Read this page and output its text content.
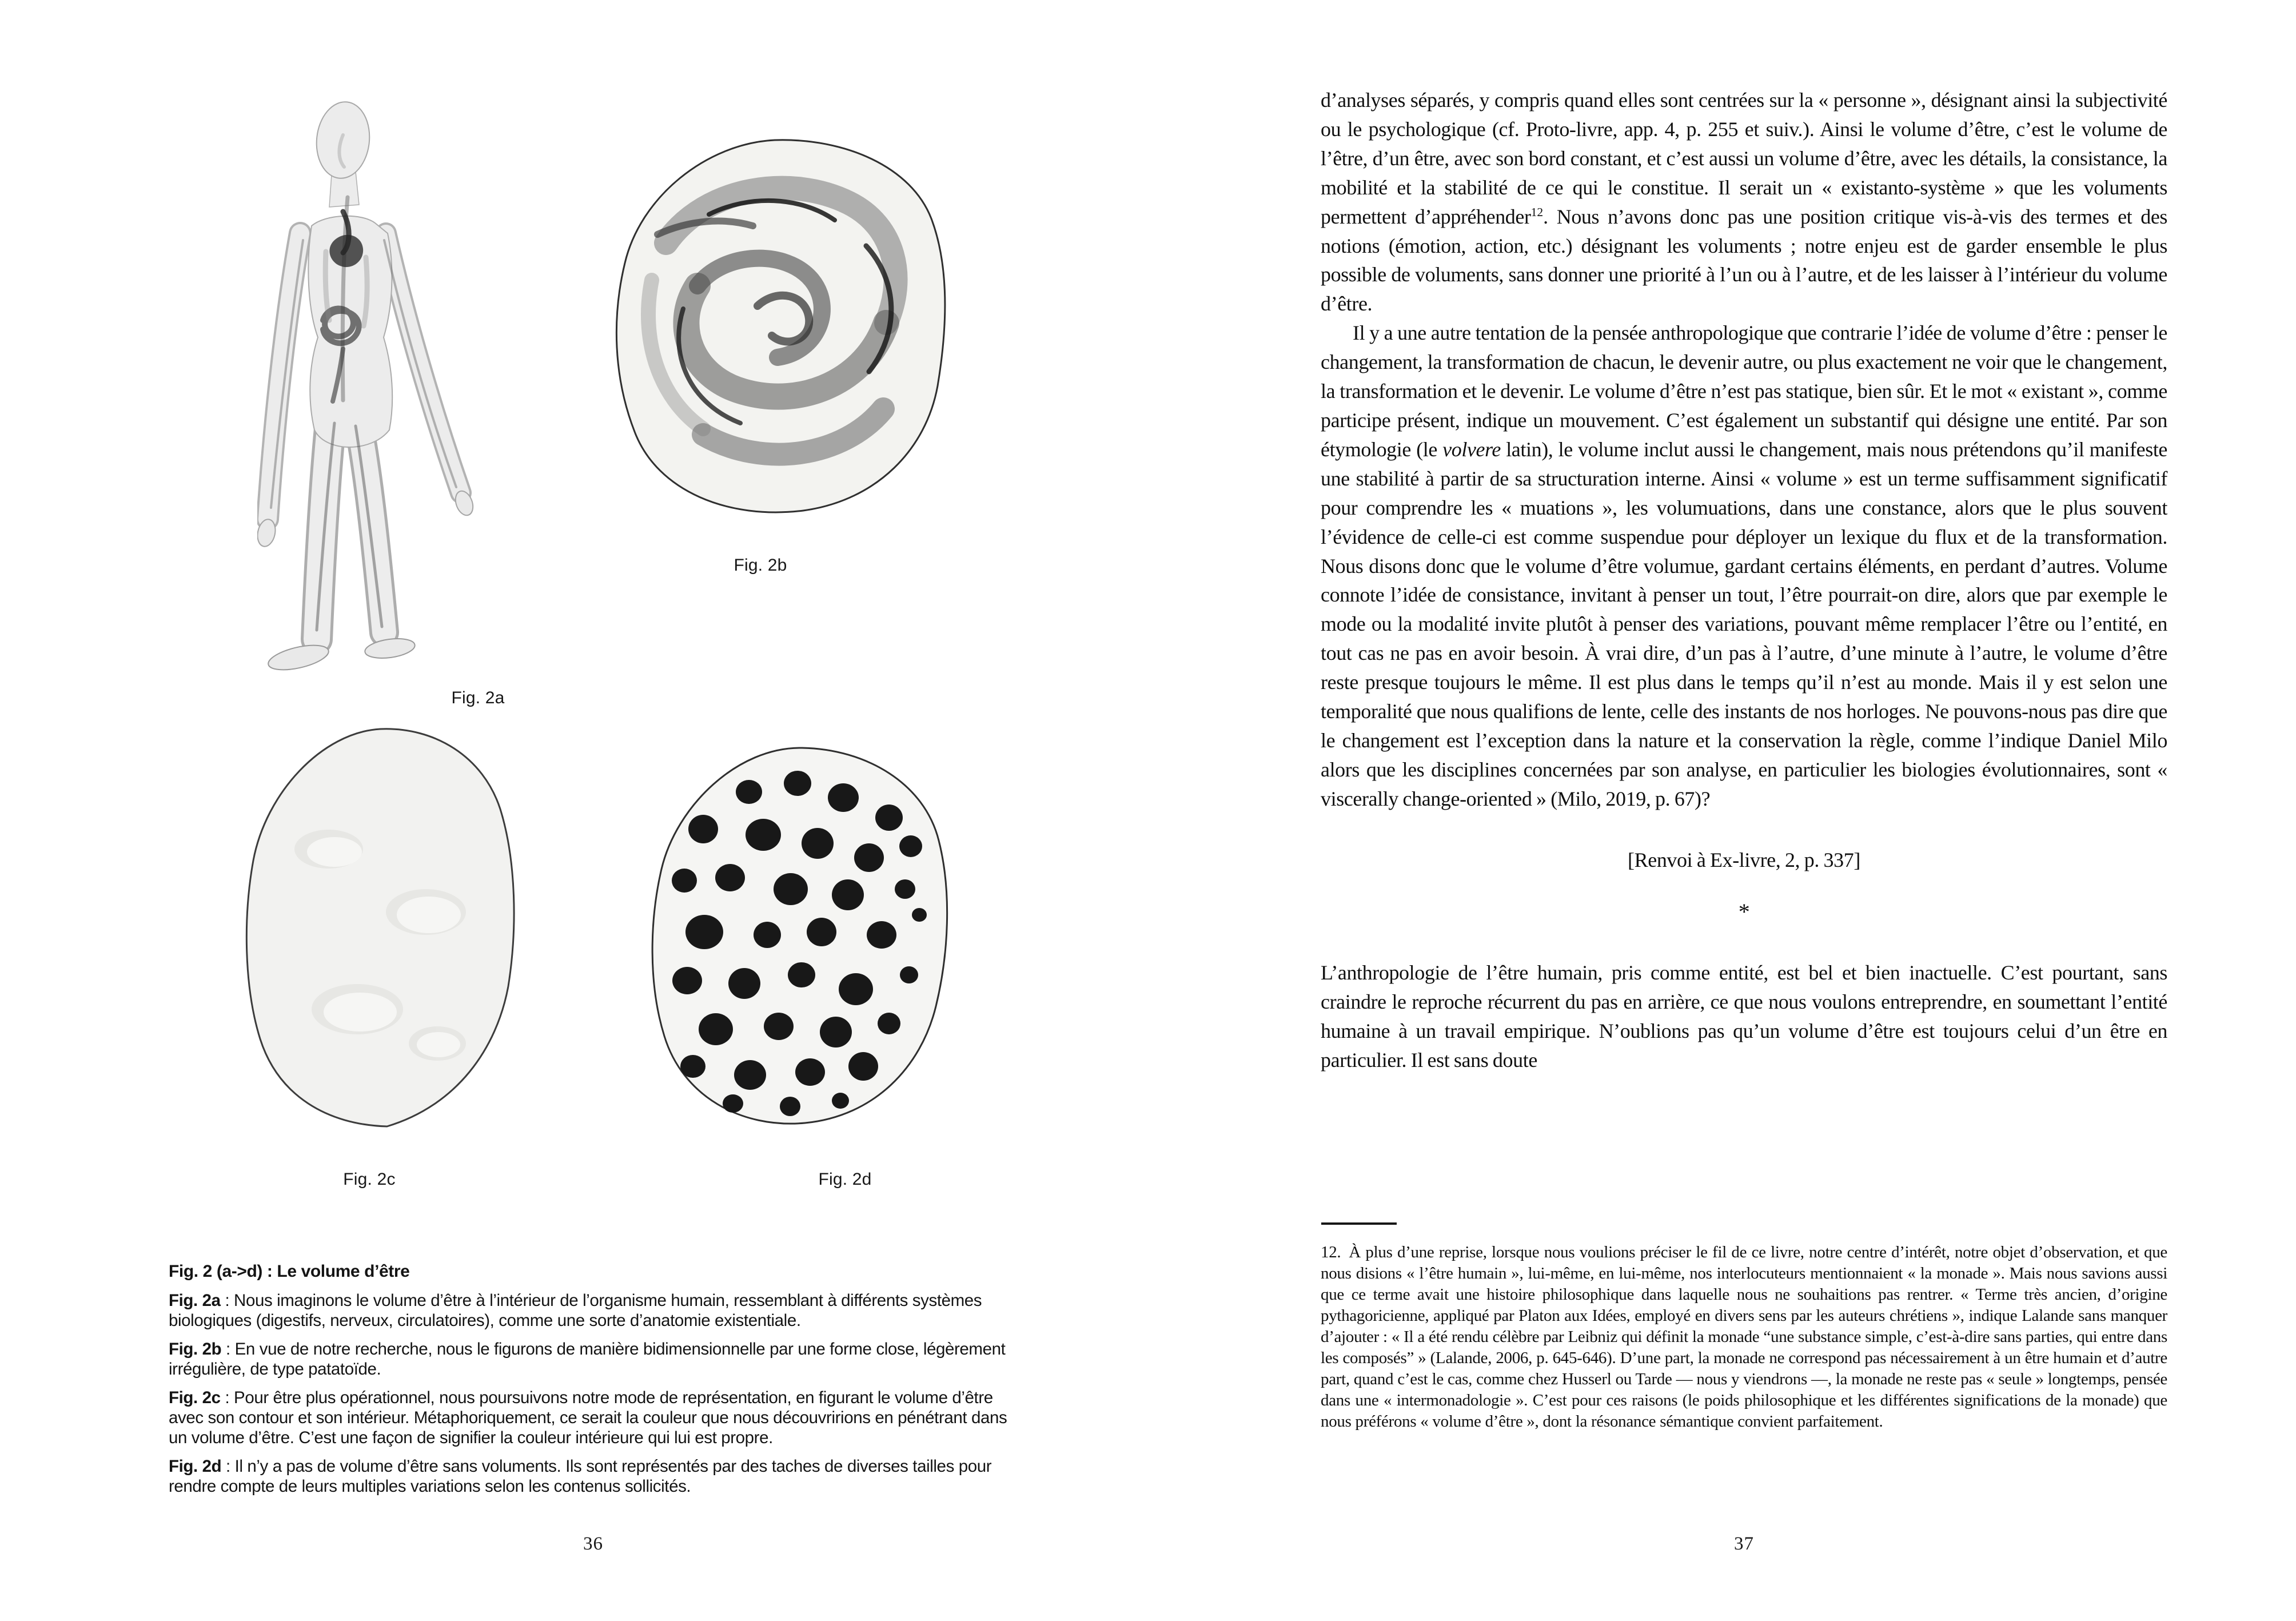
Fig. 2a
Fig. 2b
Fig. 2c	Fig. 2d

Fig. 2 (a->d) : Le volume d’être

Fig. 2a : Nous imaginons le volume d’être à l’intérieur de l’organisme humain, ressemblant à différents systèmes biologiques (digestifs, nerveux, circulatoires), comme une sorte d’anatomie existentiale.

Fig. 2b : En vue de notre recherche, nous le figurons de manière bidimensionnelle par une forme close, légèrement irrégulière, de type patatoïde.

Fig. 2c : Pour être plus opérationnel, nous poursuivons notre mode de représentation, en figurant le volume d’être avec son contour et son intérieur. Métaphoriquement, ce serait la couleur que nous découvririons en pénétrant dans un volume d’être. C’est une façon de signifier la couleur intérieure qui lui est propre.

Fig. 2d : Il n’y a pas de volume d’être sans voluments. Ils sont représentés par des taches de diverses tailles pour rendre compte de leurs multiples variations selon les contenus sollicités.

36

d’analyses séparés, y compris quand elles sont centrées sur la « personne », désignant ainsi la subjectivité ou le psychologique (cf. Proto-livre, app. 4, p. 255 et suiv.). Ainsi le volume d’être, c’est le volume de l’être, d’un être, avec son bord constant, et c’est aussi un volume d’être, avec les détails, la consistance, la mobilité et la stabilité de ce qui le constitue. Il serait un « existanto-système » que les voluments permettent d’appréhender$^{12}$. Nous n’avons donc pas une position critique vis-à-vis des termes et des notions (émotion, action, etc.) désignant les voluments ; notre enjeu est de garder ensemble le plus possible de voluments, sans donner une priorité à l’un ou à l’autre, et de les laisser à l’intérieur du volume d’être.

Il y a une autre tentation de la pensée anthropologique que contrarie l’idée de volume d’être : penser le changement, la transformation de chacun, le devenir autre, ou plus exactement ne voir que le changement, la transformation et le devenir. Le volume d’être n’est pas statique, bien sûr. Et le mot « existant », comme participe présent, indique un mouvement. C’est également un substantif qui désigne une entité. Par son étymologie (le volvere latin), le volume inclut aussi le changement, mais nous prétendons qu’il manifeste une stabilité à partir de sa structuration interne. Ainsi « volume » est un terme suffisamment significatif pour comprendre les « muations », les volumuations, dans une constance, alors que le plus souvent l’évidence de celle-ci est comme suspendue pour déployer un lexique du flux et de la transformation. Nous disons donc que le volume d’être volumue, gardant certains éléments, en perdant d’autres. Volume connote l’idée de consistance, invitant à penser un tout, l’être pourrait-on dire, alors que par exemple le mode ou la modalité invite plutôt à penser des variations, pouvant même remplacer l’être ou l’entité, en tout cas ne pas en avoir besoin. À vrai dire, d’un pas à l’autre, d’une minute à l’autre, le volume d’être reste presque toujours le même. Il est plus dans le temps qu’il n’est au monde. Mais il y est selon une temporalité que nous qualifions de lente, celle des instants de nos horloges. Ne pouvons-nous pas dire que le changement est l’exception dans la nature et la conservation la règle, comme l’indique Daniel Milo alors que les disciplines concernées par son analyse, en particulier les biologies évolutionnaires, sont « viscerally change-oriented » (Milo, 2019, p. 67)?

[Renvoi à Ex-livre, 2, p. 337]

*

L’anthropologie de l’être humain, pris comme entité, est bel et bien inactuelle. C’est pourtant, sans craindre le reproche récurrent du pas en arrière, ce que nous voulons entreprendre, en soumettant l’entité humaine à un travail empirique. N’oublions pas qu’un volume d’être est toujours celui d’un être en particulier. Il est sans doute

12. À plus d’une reprise, lorsque nous voulions préciser le fil de ce livre, notre centre d’intérêt, notre objet d’observation, et que nous disions « l’être humain », lui-même, en lui-même, nos interlocuteurs mentionnaient « la monade ». Mais nous savions aussi que ce terme avait une histoire philosophique dans laquelle nous ne souhaitions pas rentrer. « Terme très ancien, d’origine pythagoricienne, appliqué par Platon aux Idées, employé en divers sens par les auteurs chrétiens », indique Lalande sans manquer d’ajouter : « Il a été rendu célèbre par Leibniz qui définit la monade “une substance simple, c’est-à-dire sans parties, qui entre dans les composés” » (Lalande, 2006, p. 645-646). D’une part, la monade ne correspond pas nécessairement à un être humain et d’autre part, quand c’est le cas, comme chez Husserl ou Tarde — nous y viendrons —, la monade ne reste pas « seule » longtemps, pensée dans une « intermonadologie ». C’est pour ces raisons (le poids philosophique et les différentes significations de la monade) que nous préférons « volume d’être », dont la résonance sémantique convient parfaitement.

37
